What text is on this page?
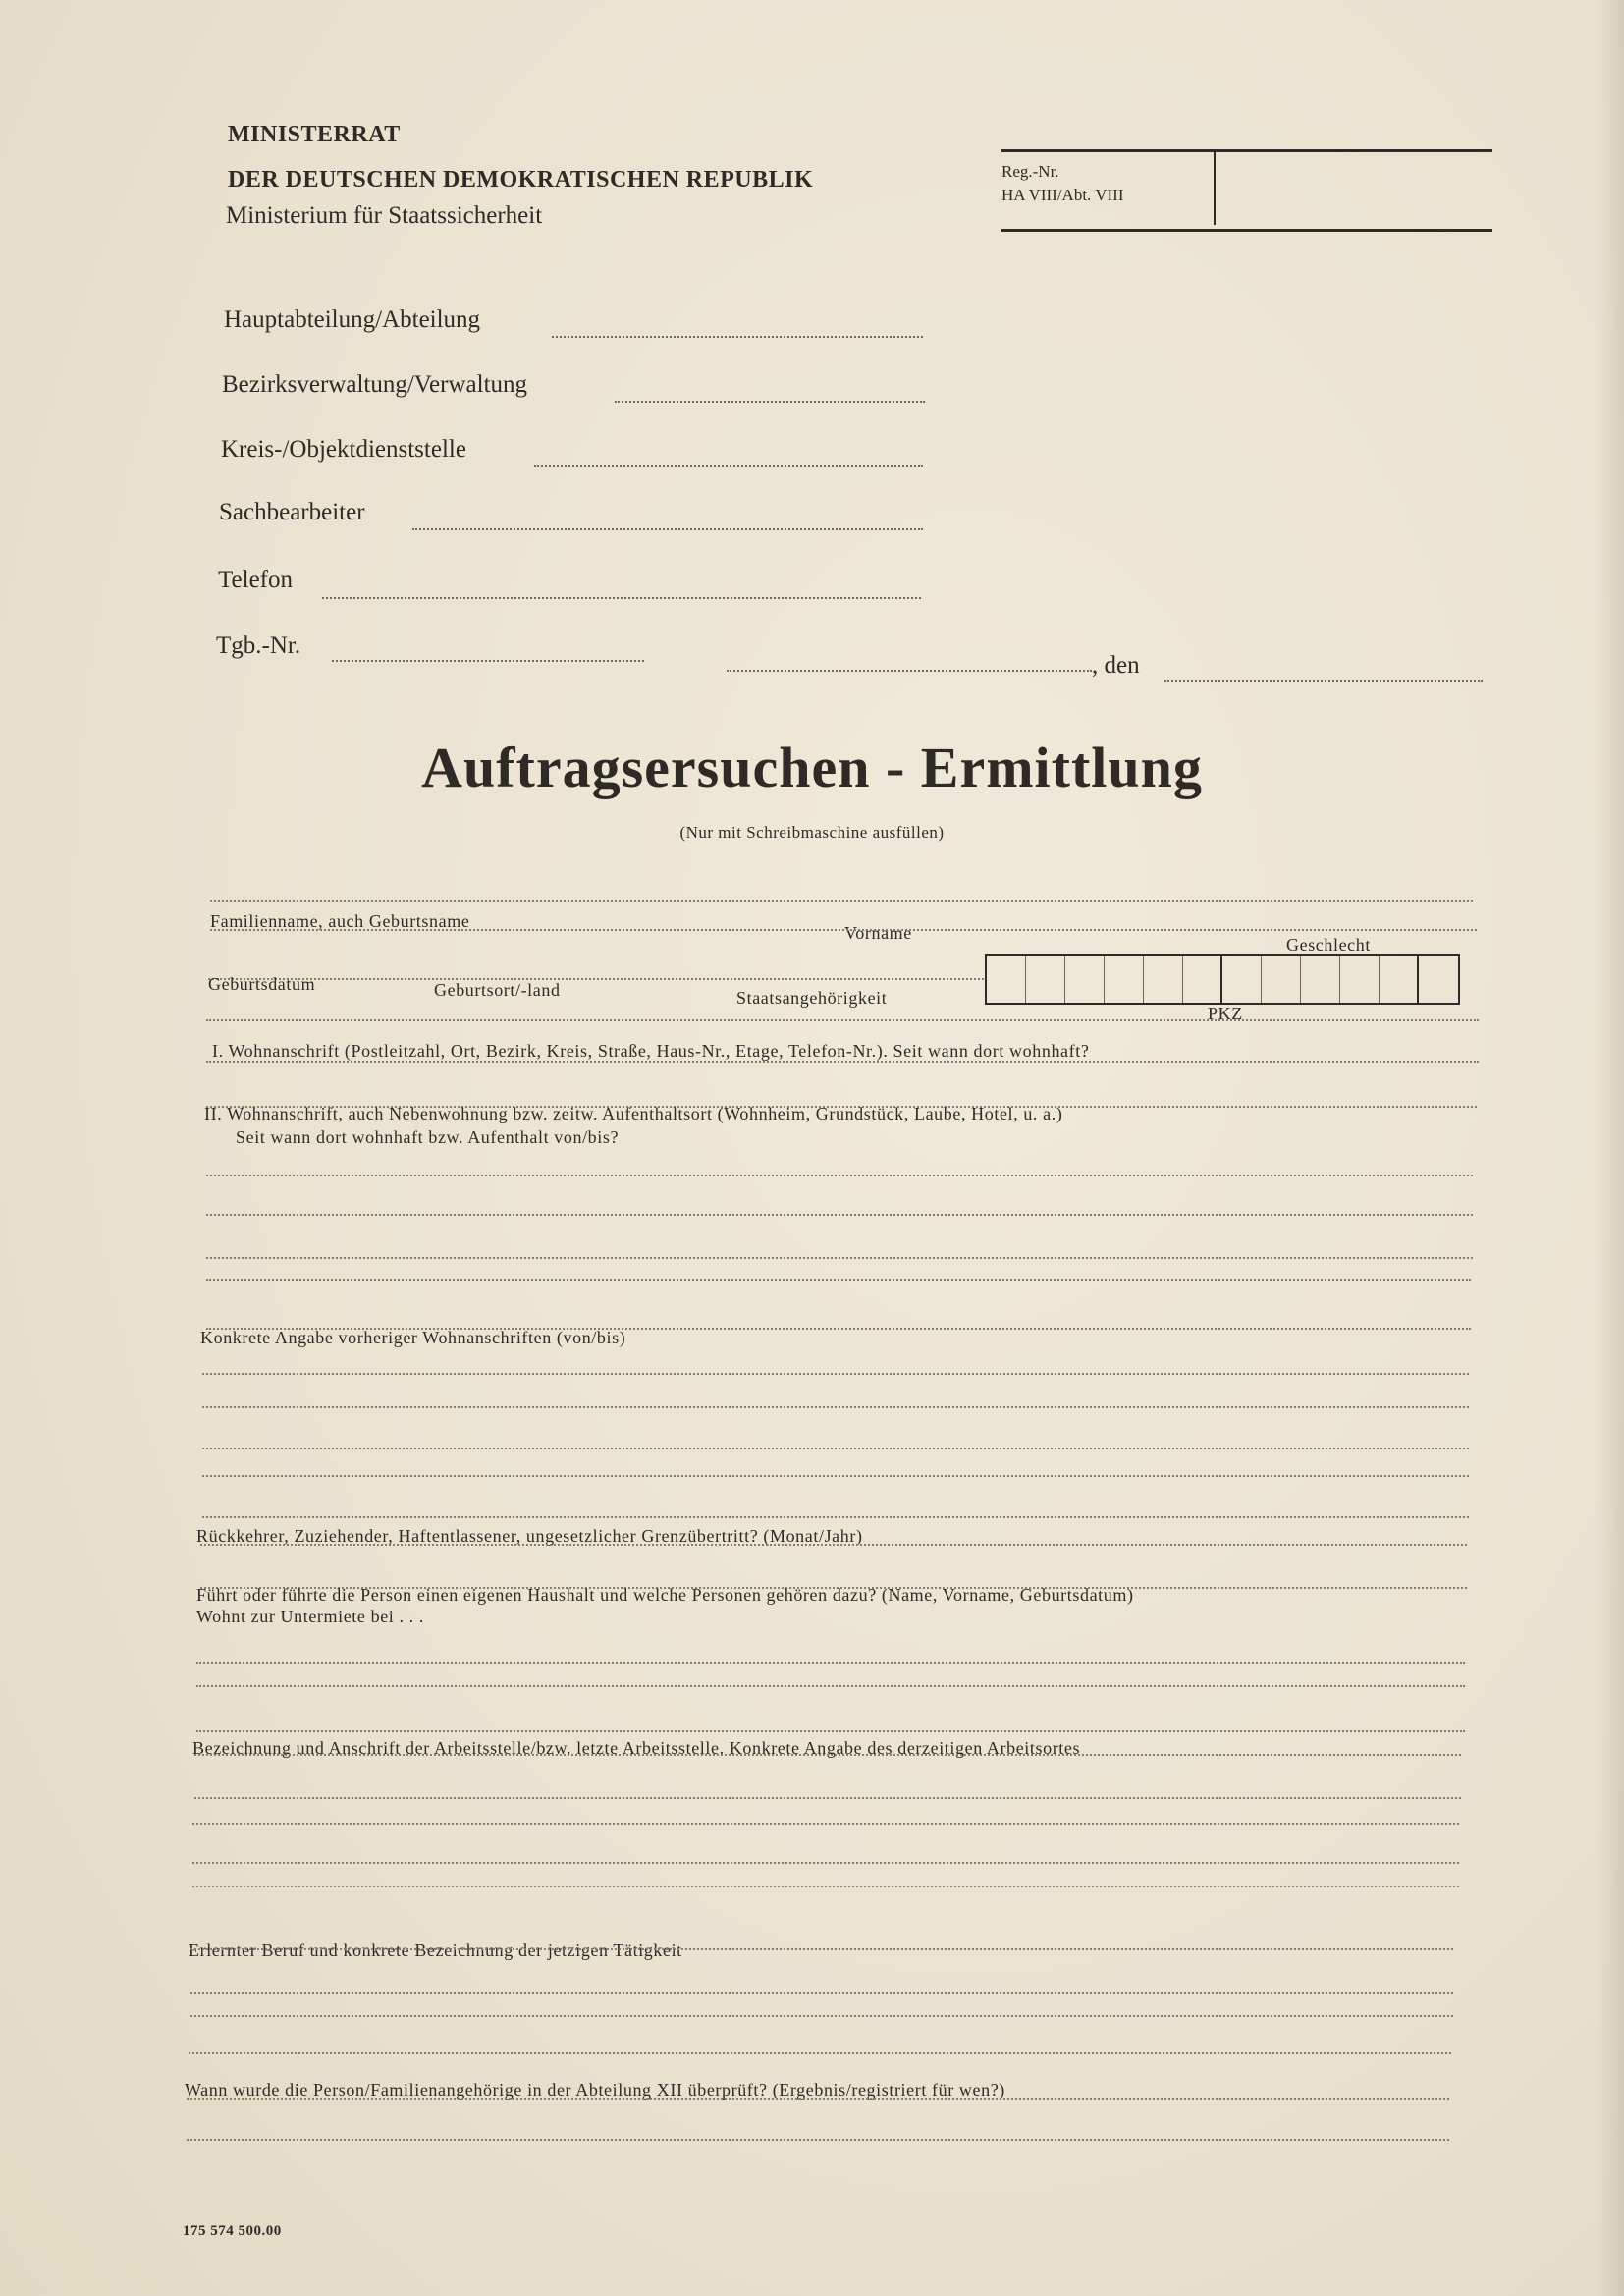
MINISTERRAT
DER DEUTSCHEN DEMOKRATISCHEN REPUBLIK
Ministerium für Staatssicherheit
Reg.-Nr.
HA VIII/Abt. VIII
Hauptabteilung/Abteilung
Bezirksverwaltung/Verwaltung
Kreis-/Objektdienststelle
Sachbearbeiter
Telefon
Tgb.-Nr.
, den
Auftragsersuchen - Ermittlung
(Nur mit Schreibmaschine ausfüllen)
Familienname, auch Geburtsname
Vorname
Geschlecht
Geburtsdatum	Geburtsort/-land	Staatsangehörigkeit
PKZ
I. Wohnanschrift (Postleitzahl, Ort, Bezirk, Kreis, Straße, Haus-Nr., Etage, Telefon-Nr.). Seit wann dort wohnhaft?
II. Wohnanschrift, auch Nebenwohnung bzw. zeitw. Aufenthaltsort (Wohnheim, Grundstück, Laube, Hotel, u. a.)
Seit wann dort wohnhaft bzw. Aufenthalt von/bis?
Konkrete Angabe vorheriger Wohnanschriften (von/bis)
Rückkehrer, Zuziehender, Haftentlassener, ungesetzlicher Grenzübertritt? (Monat/Jahr)
Führt oder führte die Person einen eigenen Haushalt und welche Personen gehören dazu? (Name, Vorname, Geburtsdatum)
Wohnt zur Untermiete bei . . .
Bezeichnung und Anschrift der Arbeitsstelle/bzw. letzte Arbeitsstelle. Konkrete Angabe des derzeitigen Arbeitsortes
Erlernter Beruf und konkrete Bezeichnung der jetzigen Tätigkeit
Wann wurde die Person/Familienangehörige in der Abteilung XII überprüft? (Ergebnis/registriert für wen?)
175 574 500.00
